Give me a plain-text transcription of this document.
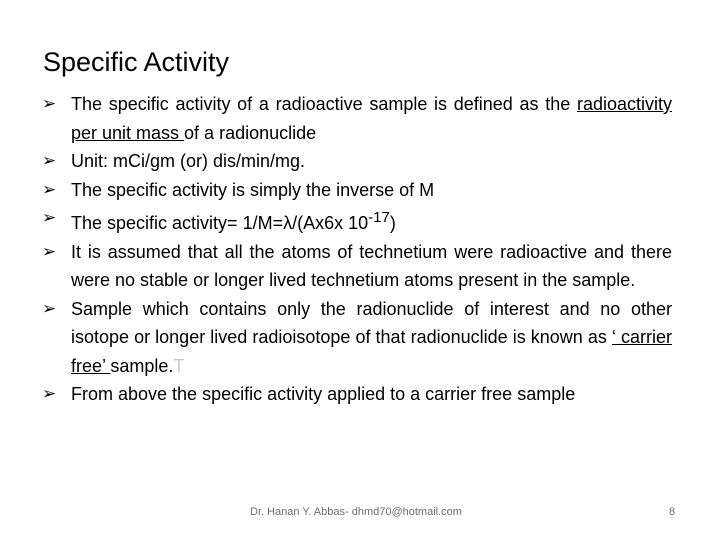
Specific Activity
➢ The specific activity of a radioactive sample is defined as the radioactivity per unit mass of a radionuclide
➢ Unit: mCi/gm (or) dis/min/mg.
➢ The specific activity is simply the inverse of M
➢ The specific activity= 1/M=λ/(Ax6x $10^{-17}$)
➢ It is assumed that all the atoms of technetium were radioactive and there were no stable or longer lived technetium atoms present in the sample.
➢ Sample which contains only the radionuclide of interest and no other isotope or longer lived radioisotope of that radionuclide is known as ‘ carrier free’ sample.T
➢ From above the specific activity applied to a carrier free sample
Dr. Hanan Y. Abbas- dhmd70@hotmail.com	8
